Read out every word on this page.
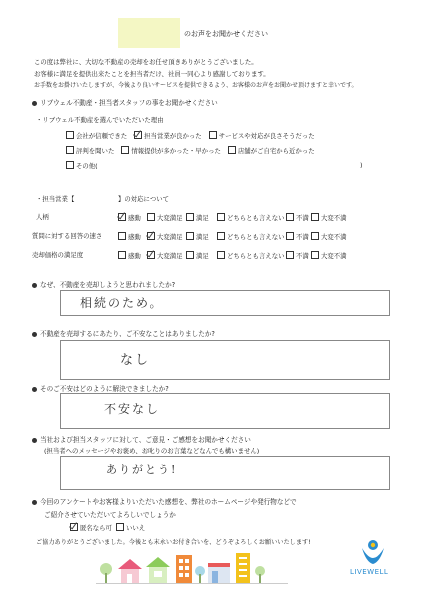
のお声をお聞かせください
この度は弊社に、大切な不動産の売却をお任せ頂きありがとうございました。
お客様に満足を提供出来たことを担当者だけ、社員一同心より感謝しております。
お手数をお掛けいたしますが、今後より良いサービスを提供できるよう、お客様のお声をお聞かせ頂けますと幸いです。
リブウェル不動産・担当者スタッフの事をお聞かせください
・リブウェル不動産を選んでいただいた理由
会社が信頼できた	担当営業が良かった	サービスや対応が良さそうだった
評判を聞いた	情報提供が多かった・早かった	店舗がご自宅から近かった
その他(	)
・担当営業【	】の対応について
人柄	感動	大変満足	満足	どちらとも言えない	不満	大変不満
質問に対する回答の速さ	感動	大変満足	満足	どちらとも言えない	不満	大変不満
売却価格の満足度	感動	大変満足	満足	どちらとも言えない	不満	大変不満
なぜ、不動産を売却しようと思われましたか?
相続のため。
不動産を売却するにあたり、ご不安なことはありましたか?
なし
そのご不安はどのように解決できましたか?
不安なし
当社および担当スタッフに対して、ご意見・ご感想をお聞かせください
(担当者へのメッセージやお褒め、お叱りのお言葉などなんでも構いません)
ありがとう!
今回のアンケートやお客様よりいただいた感想を、弊社のホームページや発行物などで
ご紹介させていただいてよろしいでしょうか
匿名なら可	いいえ
ご協力ありがとうございました。今後とも末永いお付き合いを、どうぞよろしくお願いいたします!
LIVEWELL
